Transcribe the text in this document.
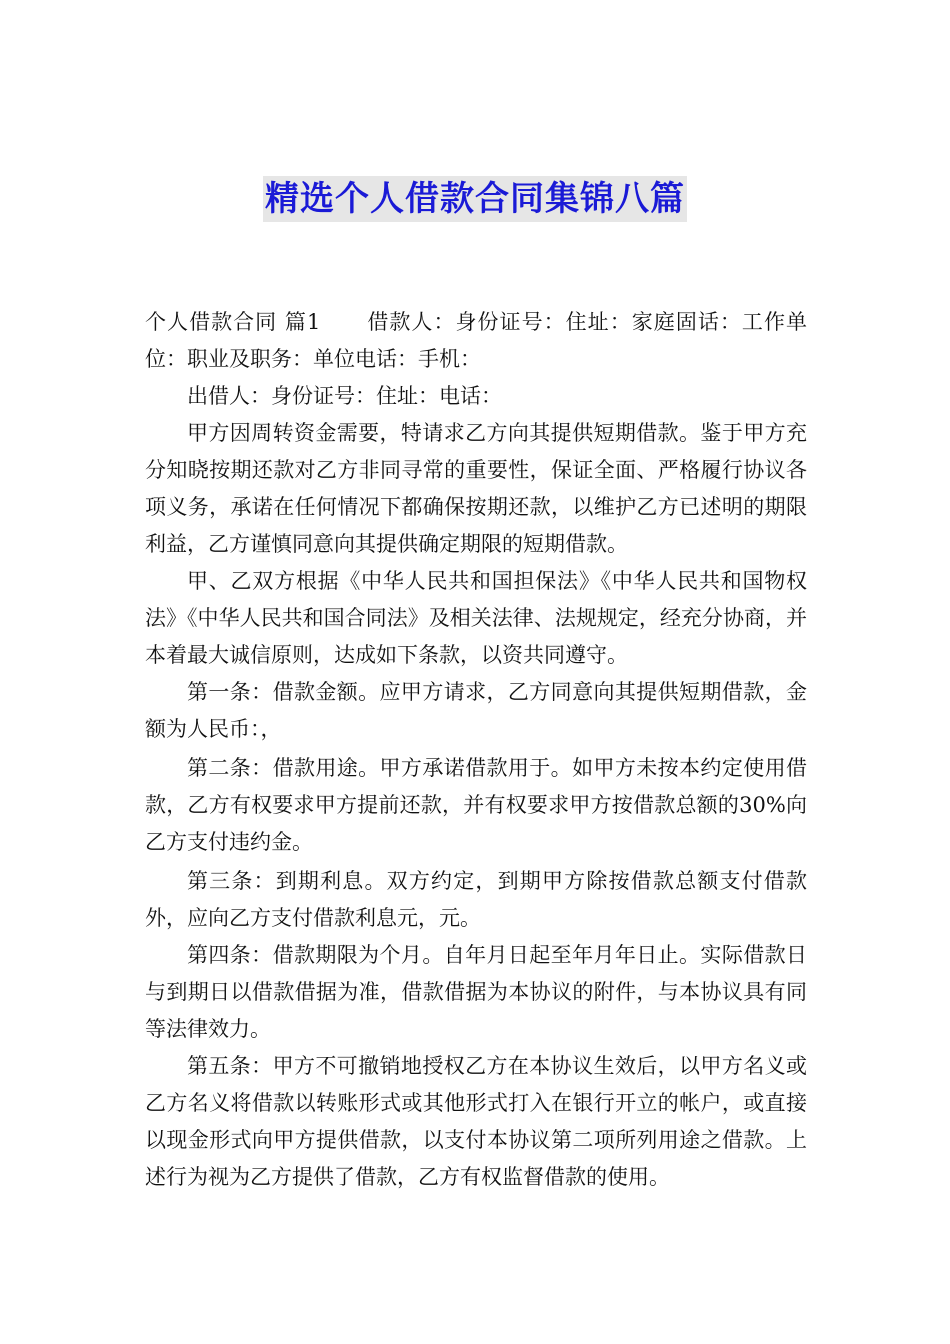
精选个人借款合同集锦八篇

个人借款合同 篇1 借款人：身份证号：住址：家庭固话：工作单位：职业及职务：单位电话：手机：

出借人：身份证号：住址：电话：

甲方因周转资金需要，特请求乙方向其提供短期借款。鉴于甲方充分知晓按期还款对乙方非同寻常的重要性，保证全面、严格履行协议各项义务，承诺在任何情况下都确保按期还款，以维护乙方已述明的期限利益，乙方谨慎同意向其提供确定期限的短期借款。

甲、乙双方根据《中华人民共和国担保法》《中华人民共和国物权法》《中华人民共和国合同法》及相关法律、法规规定，经充分协商，并本着最大诚信原则，达成如下条款，以资共同遵守。

第一条：借款金额。应甲方请求，乙方同意向其提供短期借款，金额为人民币：，

第二条：借款用途。甲方承诺借款用于。如甲方未按本约定使用借款，乙方有权要求甲方提前还款，并有权要求甲方按借款总额的30%向乙方支付违约金。

第三条：到期利息。双方约定，到期甲方除按借款总额支付借款外，应向乙方支付借款利息元，元。

第四条：借款期限为个月。自年月日起至年月年日止。实际借款日与到期日以借款借据为准，借款借据为本协议的附件，与本协议具有同等法律效力。

第五条：甲方不可撤销地授权乙方在本协议生效后，以甲方名义或乙方名义将借款以转账形式或其他形式打入在银行开立的帐户，或直接以现金形式向甲方提供借款，以支付本协议第二项所列用途之借款。上述行为视为乙方提供了借款，乙方有权监督借款的使用。
